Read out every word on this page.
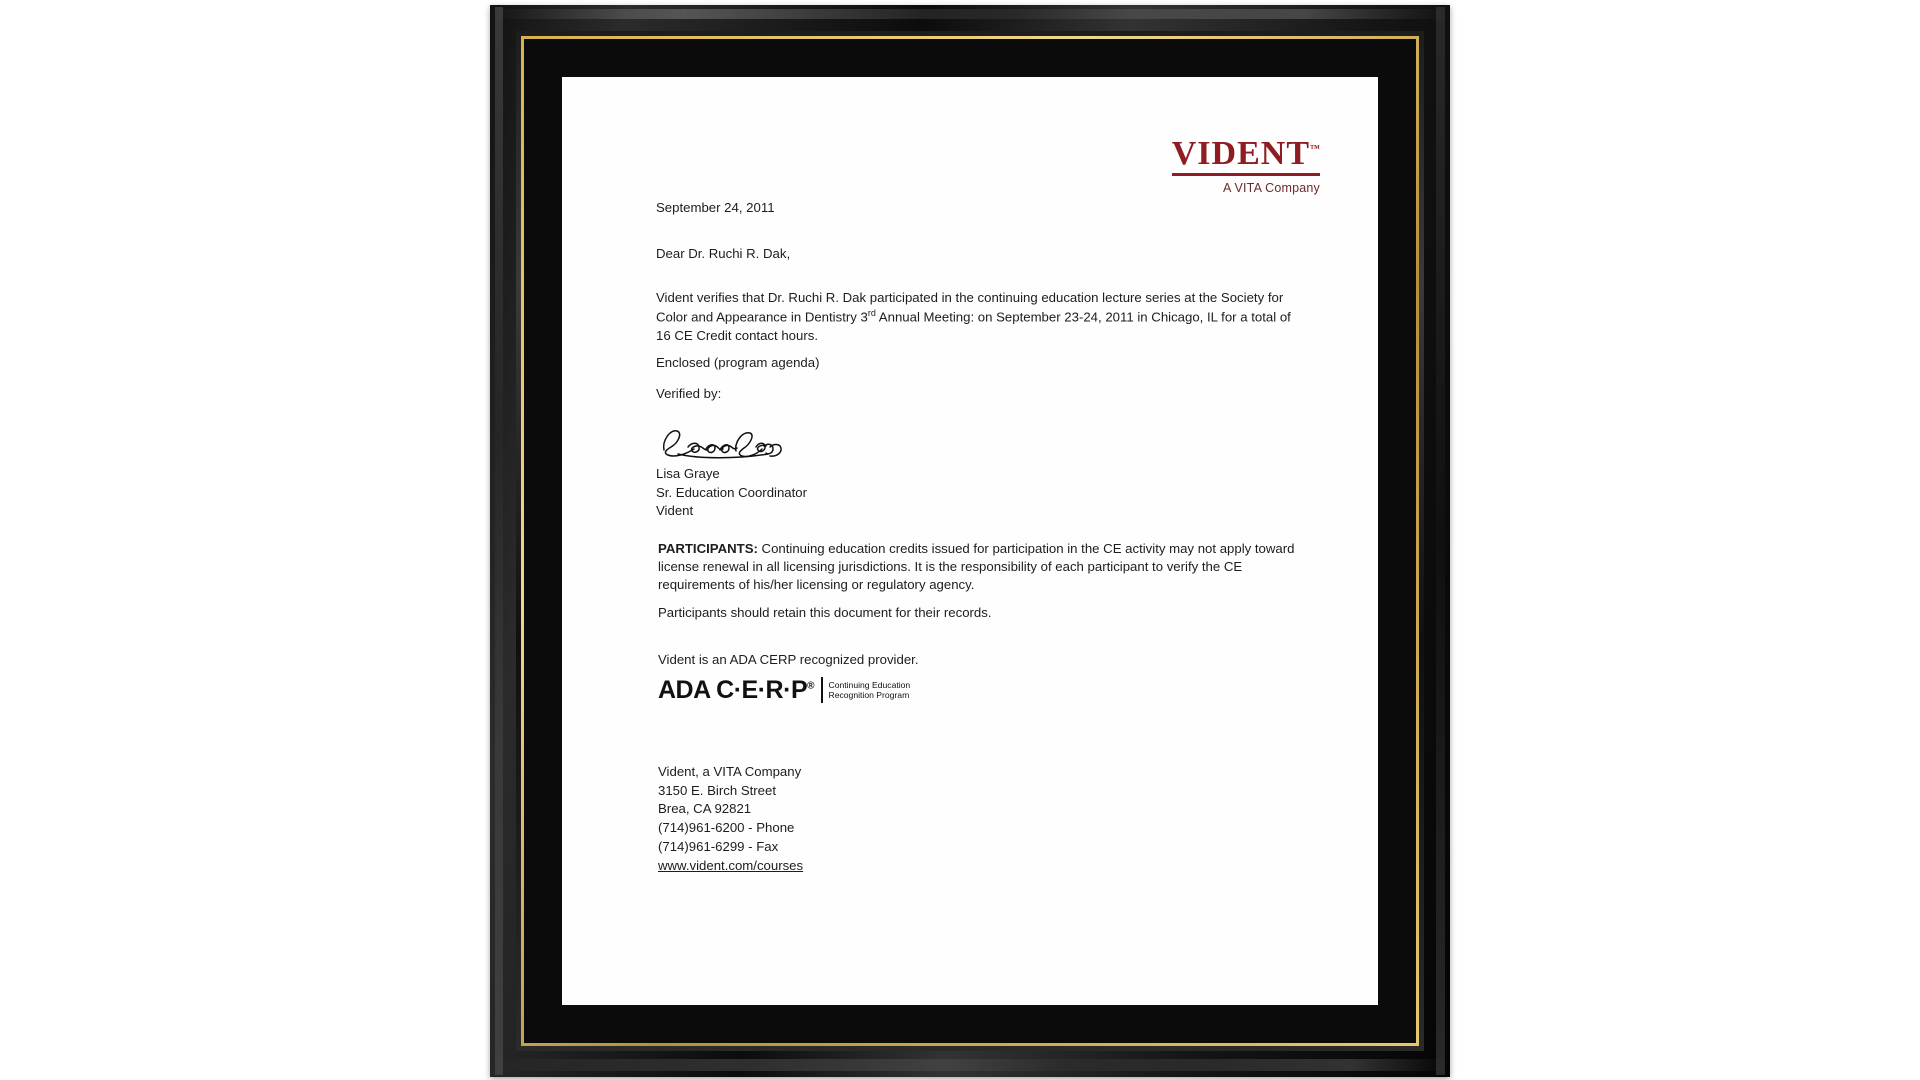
VIDENT™
A VITA Company
September 24, 2011
Dear Dr. Ruchi R. Dak,
Vident verifies that Dr. Ruchi R. Dak participated in the continuing education lecture series at the Society for Color and Appearance in Dentistry 3rd Annual Meeting: on September 23-24, 2011 in Chicago, IL for a total of 16 CE Credit contact hours.
Enclosed (program agenda)
Verified by:
Lisa Graye
Sr. Education Coordinator
Vident
PARTICIPANTS: Continuing education credits issued for participation in the CE activity may not apply toward license renewal in all licensing jurisdictions. It is the responsibility of each participant to verify the CE requirements of his/her licensing or regulatory agency.
Participants should retain this document for their records.
Vident is an ADA CERP recognized provider.
ADA C·E·R·P® Continuing Education
Recognition Program
Vident, a VITA Company
3150 E. Birch Street
Brea, CA 92821
(714)961-6200 - Phone
(714)961-6299 - Fax
www.vident.com/courses
